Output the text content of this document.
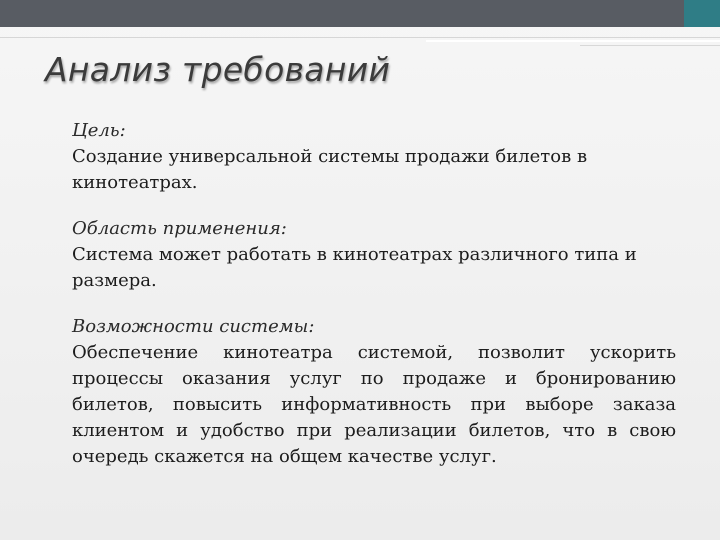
Анализ требований

Цель:

Создание универсальной системы продажи билетов в кинотеатрах.

Область применения:

Система может работать в кинотеатрах различного типа и размера.

Возможности системы:

Обеспечение кинотеатра системой, позволит ускорить процессы оказания услуг по продаже и бронированию билетов, повысить информативность при выборе заказа клиентом и удобство при реализации билетов, что в свою очередь скажется на общем качестве услуг.
